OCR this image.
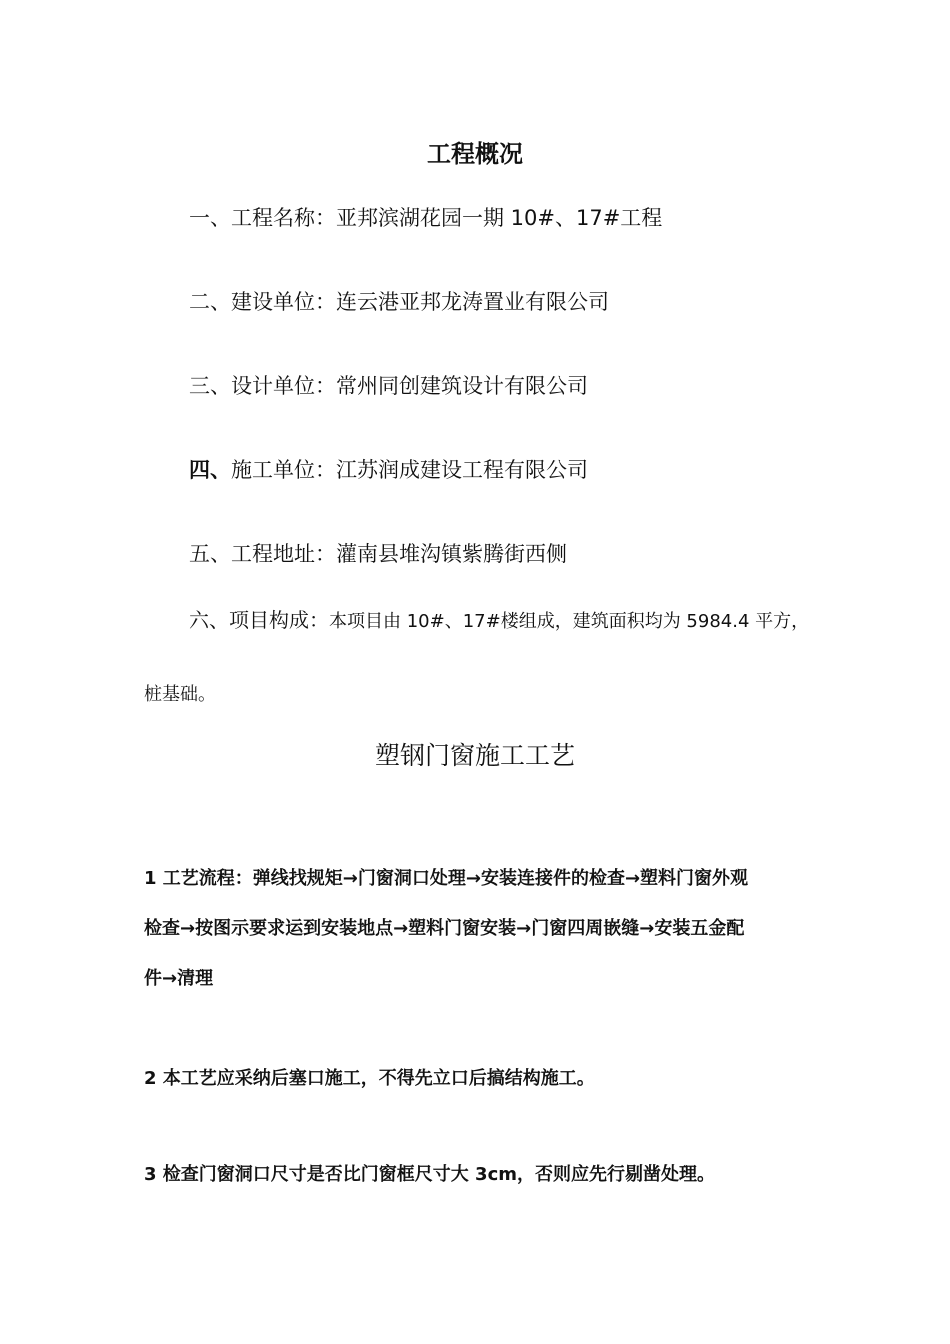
工程概况
一、工程名称：亚邦滨湖花园一期 10#、17#工程
二、建设单位：连云港亚邦龙涛置业有限公司
三、设计单位：常州同创建筑设计有限公司
四、施工单位：江苏润成建设工程有限公司
五、工程地址：灌南县堆沟镇紫腾街西侧
六、项目构成：本项目由 10#、17#楼组成，建筑面积均为 5984.4 平方，
桩基础。
塑钢门窗施工工艺
1 工艺流程：弹线找规矩→门窗洞口处理→安装连接件的检查→塑料门窗外观
检查→按图示要求运到安装地点→塑料门窗安装→门窗四周嵌缝→安装五金配
件→清理
2 本工艺应采纳后塞口施工，不得先立口后搞结构施工。
3 检查门窗洞口尺寸是否比门窗框尺寸大 3cm，否则应先行剔凿处理。
